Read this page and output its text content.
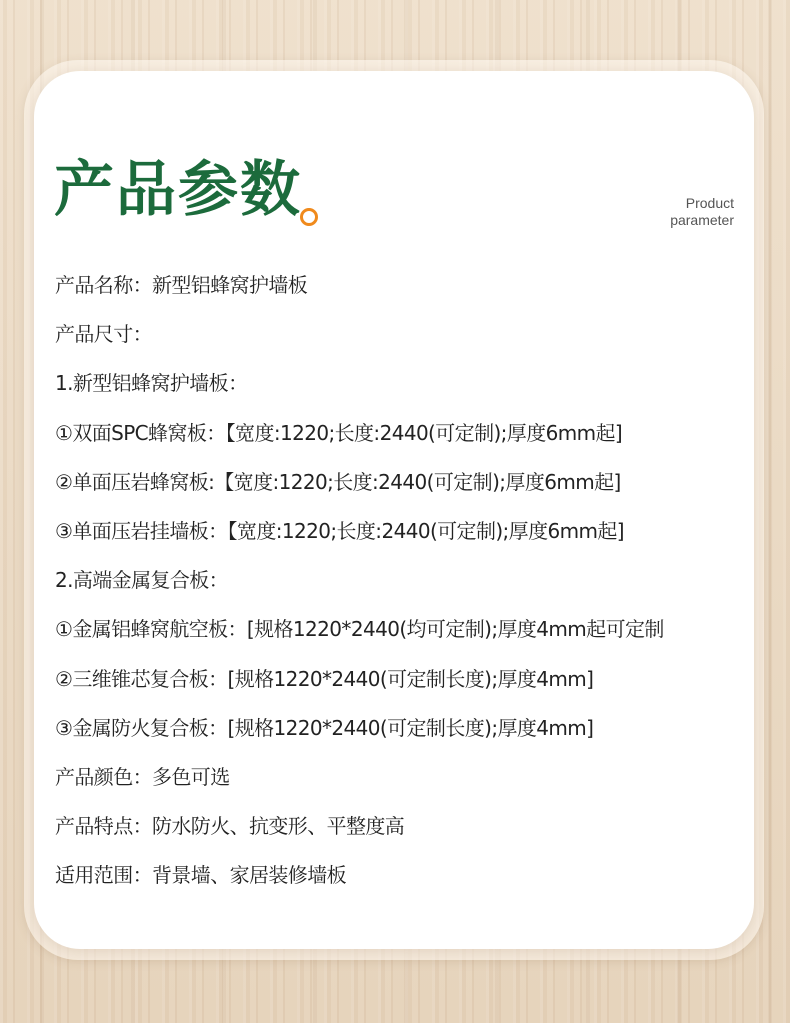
产品参数	Product
parameter
产品名称：新型铝蜂窝护墙板
产品尺寸：
1.新型铝蜂窝护墙板：
①双面SPC蜂窝板：【宽度:1220;长度:2440(可定制);厚度6mm起]
②单面压岩蜂窝板:【宽度:1220;长度:2440(可定制);厚度6mm起]
③单面压岩挂墙板：【宽度:1220;长度:2440(可定制);厚度6mm起]
2.高端金属复合板：
①金属铝蜂窝航空板：[规格1220*2440(均可定制);厚度4mm起可定制
②三维锥芯复合板：[规格1220*2440(可定制长度);厚度4mm]
③金属防火复合板：[规格1220*2440(可定制长度);厚度4mm]
产品颜色：多色可选
产品特点：防水防火、抗变形、平整度高
适用范围：背景墙、家居装修墙板
